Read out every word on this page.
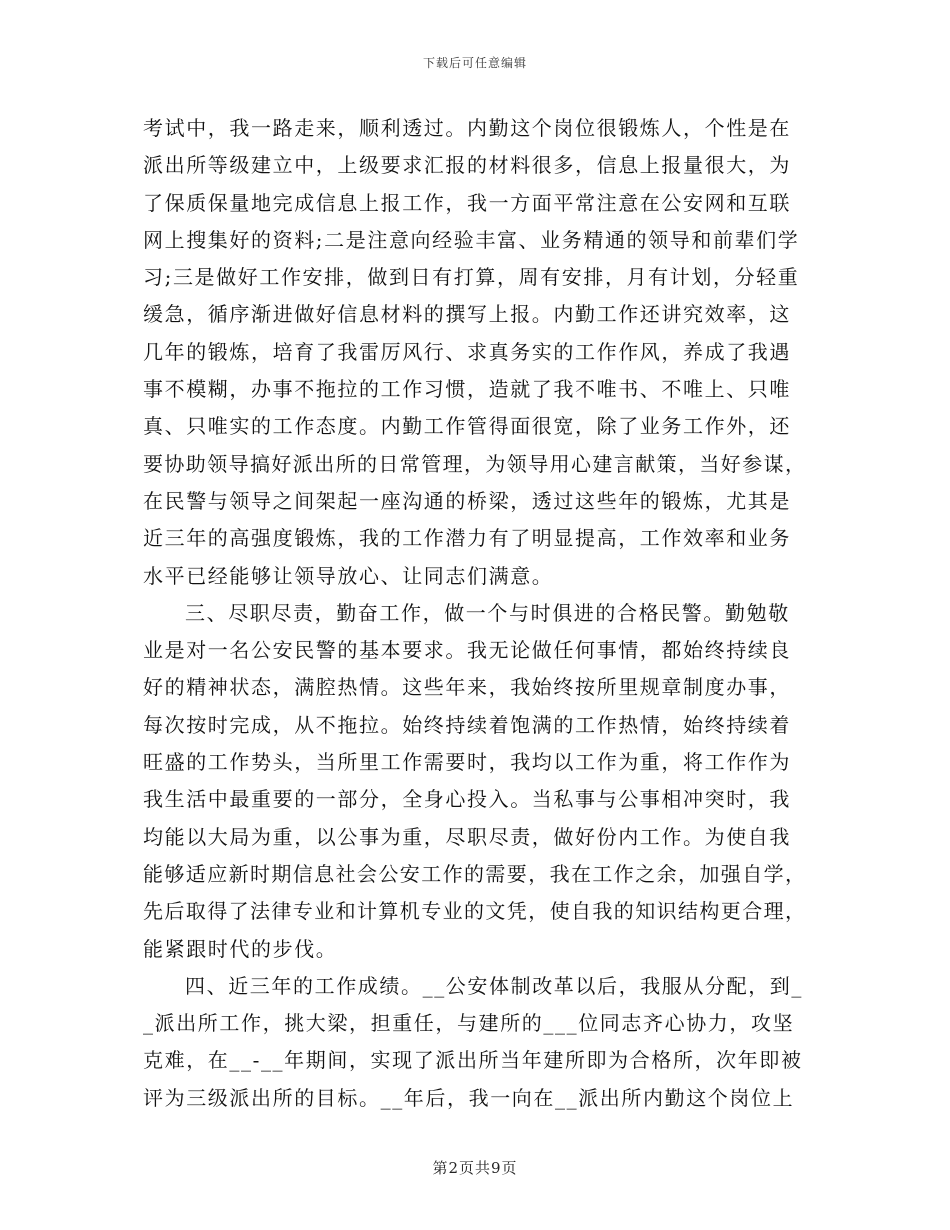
下载后可任意编辑
考试中，我一路走来，顺利透过。内勤这个岗位很锻炼人，个性是在
派出所等级建立中，上级要求汇报的材料很多，信息上报量很大，为
了保质保量地完成信息上报工作，我一方面平常注意在公安网和互联
网上搜集好的资料;二是注意向经验丰富、业务精通的领导和前辈们学
习;三是做好工作安排，做到日有打算，周有安排，月有计划，分轻重
缓急，循序渐进做好信息材料的撰写上报。内勤工作还讲究效率，这
几年的锻炼，培育了我雷厉风行、求真务实的工作作风，养成了我遇
事不模糊，办事不拖拉的工作习惯，造就了我不唯书、不唯上、只唯
真、只唯实的工作态度。内勤工作管得面很宽，除了业务工作外，还
要协助领导搞好派出所的日常管理，为领导用心建言献策，当好参谋，
在民警与领导之间架起一座沟通的桥梁，透过这些年的锻炼，尤其是
近三年的高强度锻炼，我的工作潜力有了明显提高，工作效率和业务
水平已经能够让领导放心、让同志们满意。
三、尽职尽责，勤奋工作，做一个与时俱进的合格民警。勤勉敬
业是对一名公安民警的基本要求。我无论做任何事情，都始终持续良
好的精神状态，满腔热情。这些年来，我始终按所里规章制度办事，
每次按时完成，从不拖拉。始终持续着饱满的工作热情，始终持续着
旺盛的工作势头，当所里工作需要时，我均以工作为重，将工作作为
我生活中最重要的一部分，全身心投入。当私事与公事相冲突时，我
均能以大局为重，以公事为重，尽职尽责，做好份内工作。为使自我
能够适应新时期信息社会公安工作的需要，我在工作之余，加强自学，
先后取得了法律专业和计算机专业的文凭，使自我的知识结构更合理，
能紧跟时代的步伐。
四、近三年的工作成绩。__公安体制改革以后，我服从分配，到_
_派出所工作，挑大梁，担重任，与建所的___位同志齐心协力，攻坚
克难，在__-__年期间，实现了派出所当年建所即为合格所，次年即被
评为三级派出所的目标。__年后，我一向在__派出所内勤这个岗位上
第2页共9页
